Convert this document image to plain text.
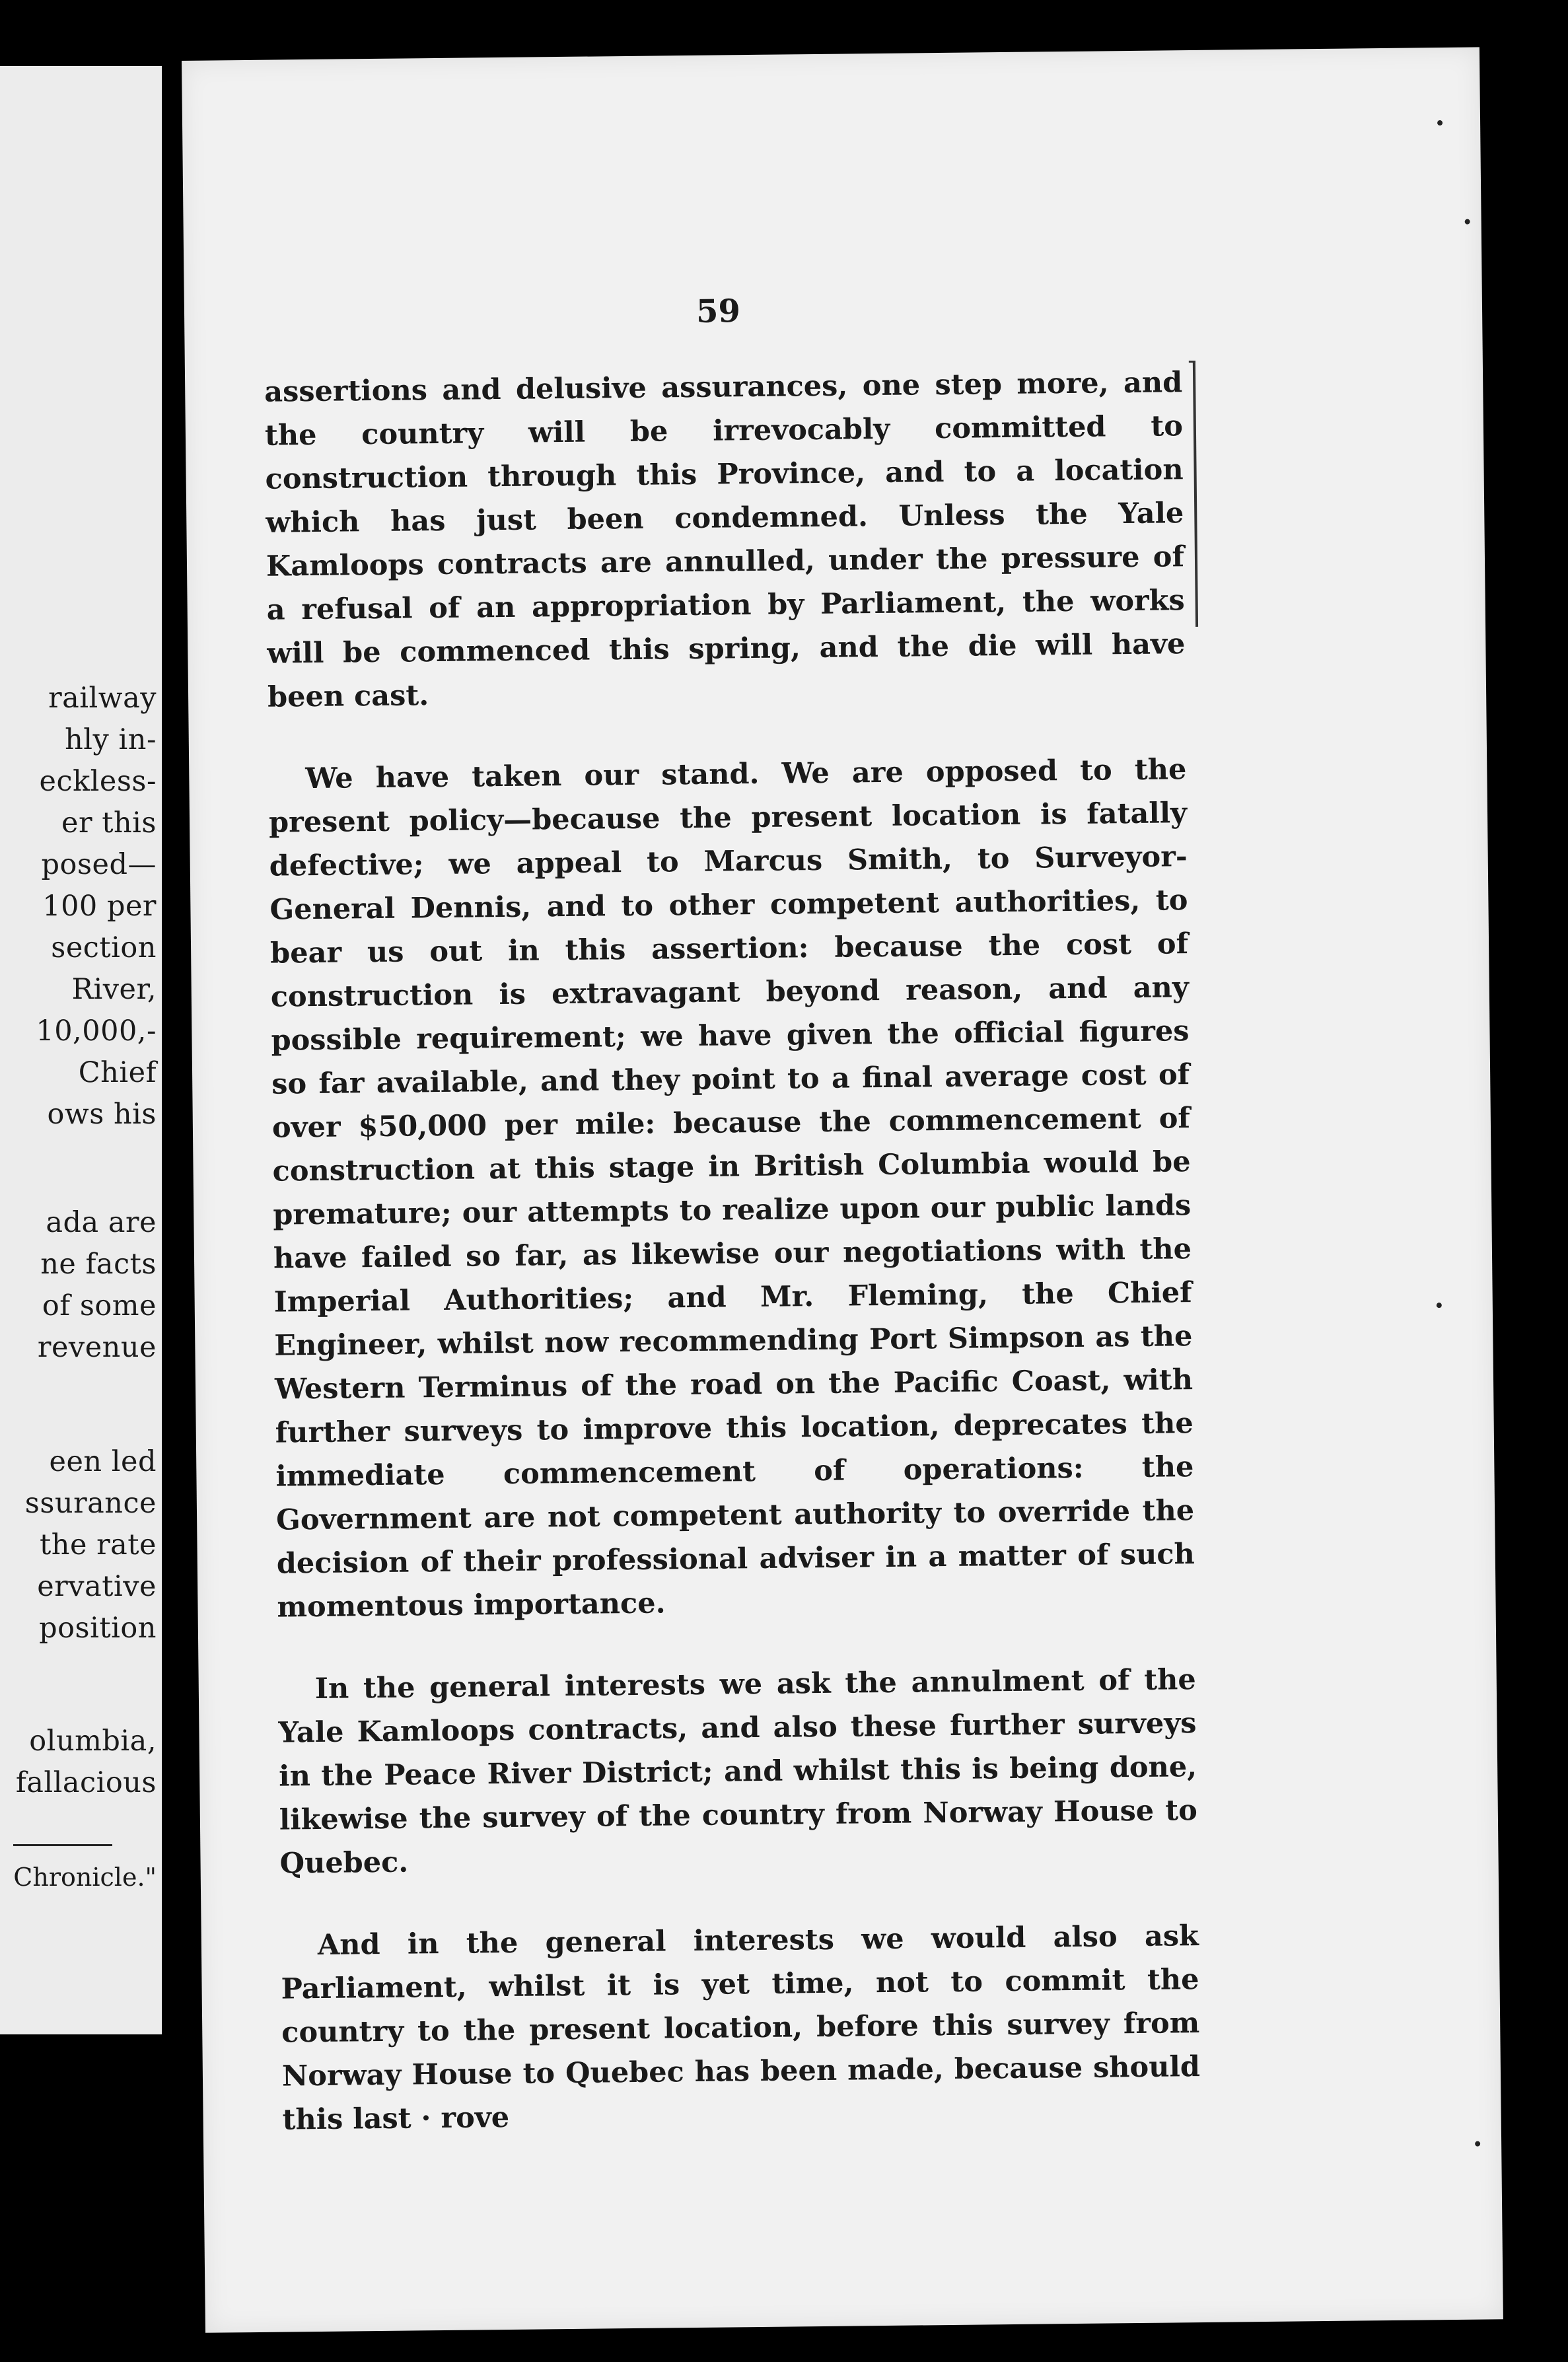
railway
hly in-
eckless-
er this
posed—
100 per
section
River,
10,000,-
Chief
ows his
ada are
ne facts
of some
revenue
een led
ssurance
the rate
ervative
position
olumbia,
fallacious
Chronicle."
59

assertions and delusive assurances, one step more, and the country will be irrevocably committed to construction through this Province, and to a location which has just been condemned. Unless the Yale Kamloops contracts are annulled, under the pressure of a refusal of an appropriation by Parliament, the works will be commenced this spring, and the die will have been cast.

We have taken our stand. We are opposed to the present policy—because the present location is fatally defective; we appeal to Marcus Smith, to Surveyor-General Dennis, and to other competent authorities, to bear us out in this assertion: because the cost of construction is extravagant beyond reason, and any possible requirement; we have given the official figures so far available, and they point to a final average cost of over $50,000 per mile: because the commencement of construction at this stage in British Columbia would be premature; our attempts to realize upon our public lands have failed so far, as likewise our negotiations with the Imperial Authorities; and Mr. Fleming, the Chief Engineer, whilst now recommending Port Simpson as the Western Terminus of the road on the Pacific Coast, with further surveys to improve this location, deprecates the immediate commencement of operations: the Government are not competent authority to override the decision of their professional adviser in a matter of such momentous importance.

In the general interests we ask the annulment of the Yale Kamloops contracts, and also these further surveys in the Peace River District; and whilst this is being done, likewise the survey of the country from Norway House to Quebec.

And in the general interests we would also ask Parliament, whilst it is yet time, not to commit the country to the present location, before this survey from Norway House to Quebec has been made, because should this last · rove
